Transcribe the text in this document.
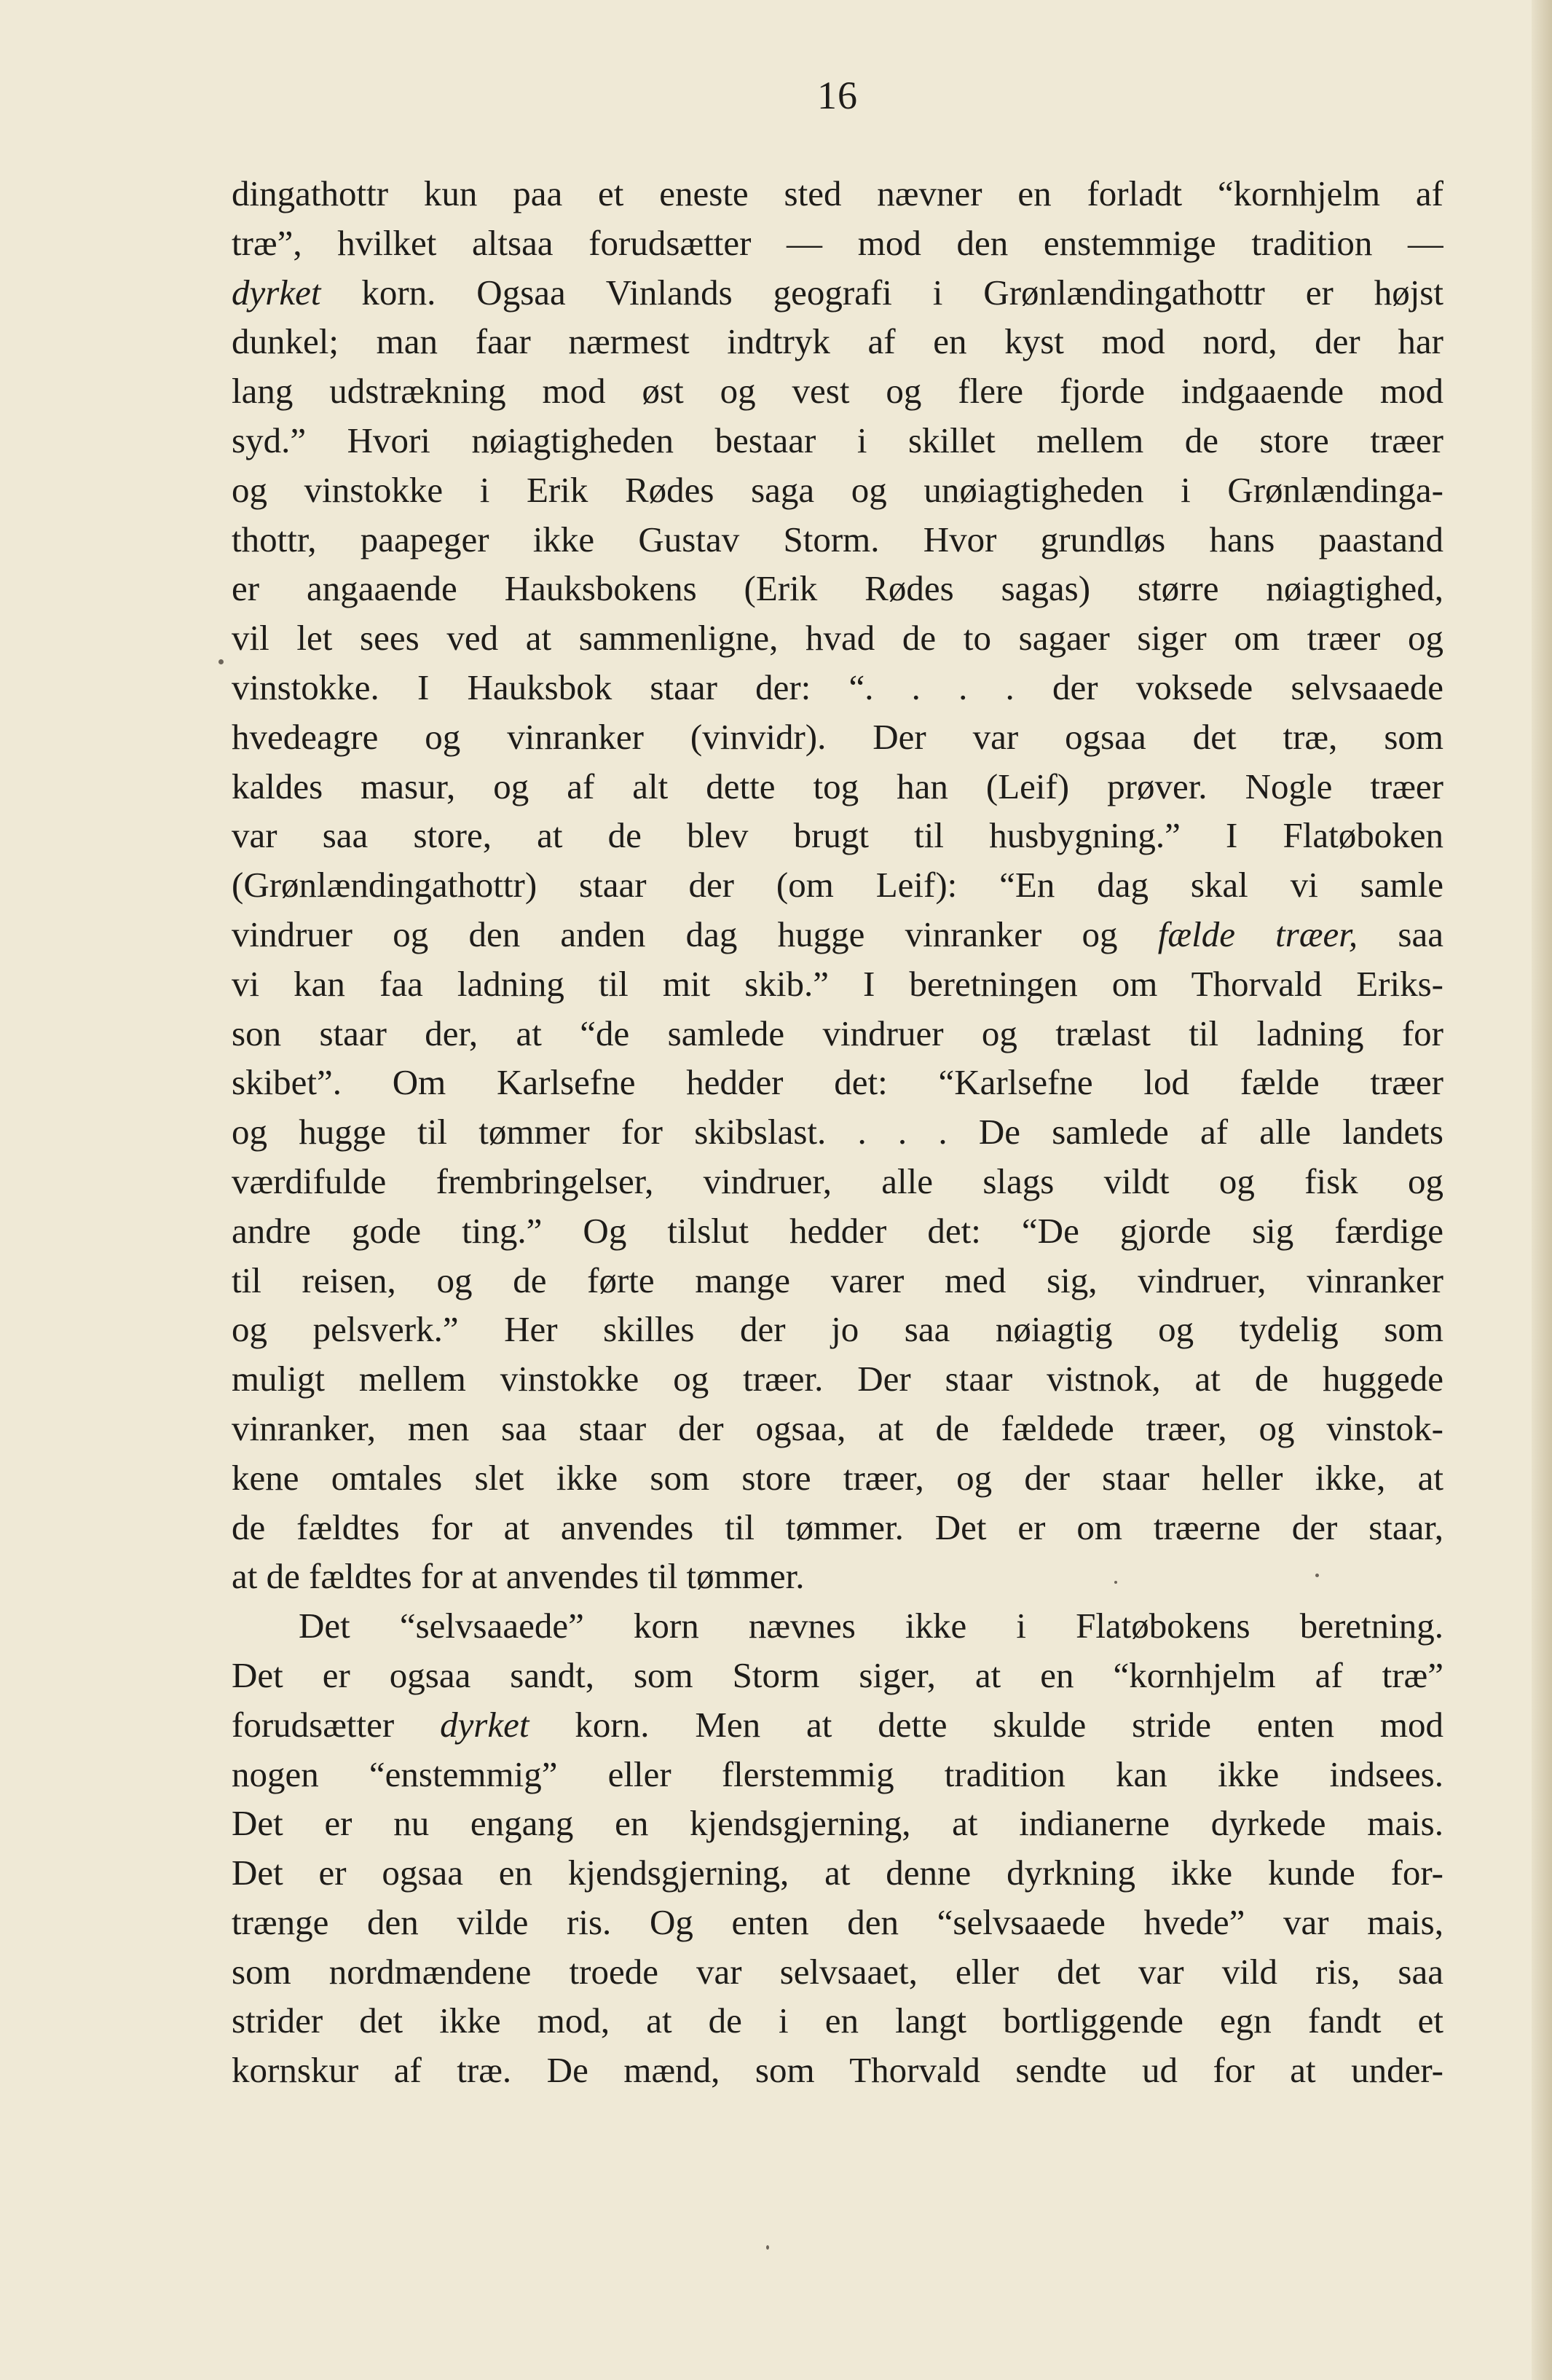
16
dingathottr kun paa et eneste sted nævner en forladt “kornhjelm af
træ”, hvilket altsaa forudsætter — mod den enstemmige tradition —
dyrket korn. Ogsaa Vinlands geografi i Grønlændingathottr er højst
dunkel; man faar nærmest indtryk af en kyst mod nord, der har
lang udstrækning mod øst og vest og flere fjorde indgaaende mod
syd.” Hvori nøiagtigheden bestaar i skillet mellem de store træer
og vinstokke i Erik Rødes saga og unøiagtigheden i Grønlændinga-
thottr, paapeger ikke Gustav Storm. Hvor grundløs hans paastand
er angaaende Hauksbokens (Erik Rødes sagas) større nøiagtighed,
vil let sees ved at sammenligne, hvad de to sagaer siger om træer og
vinstokke. I Hauksbok staar der: “. . . . der voksede selvsaaede
hvedeagre og vinranker (vinvidr). Der var ogsaa det træ, som
kaldes masur, og af alt dette tog han (Leif) prøver. Nogle træer
var saa store, at de blev brugt til husbygning.” I Flatøboken
(Grønlændingathottr) staar der (om Leif): “En dag skal vi samle
vindruer og den anden dag hugge vinranker og fælde træer, saa
vi kan faa ladning til mit skib.” I beretningen om Thorvald Eriks-
son staar der, at “de samlede vindruer og trælast til ladning for
skibet”. Om Karlsefne hedder det: “Karlsefne lod fælde træer
og hugge til tømmer for skibslast. . . . De samlede af alle landets
værdifulde frembringelser, vindruer, alle slags vildt og fisk og
andre gode ting.” Og tilslut hedder det: “De gjorde sig færdige
til reisen, og de førte mange varer med sig, vindruer, vinranker
og pelsverk.” Her skilles der jo saa nøiagtig og tydelig som
muligt mellem vinstokke og træer. Der staar vistnok, at de huggede
vinranker, men saa staar der ogsaa, at de fældede træer, og vinstok-
kene omtales slet ikke som store træer, og der staar heller ikke, at
de fældtes for at anvendes til tømmer. Det er om træerne der staar,
at de fældtes for at anvendes til tømmer.
Det “selvsaaede” korn nævnes ikke i Flatøbokens beretning.
Det er ogsaa sandt, som Storm siger, at en “kornhjelm af træ”
forudsætter dyrket korn. Men at dette skulde stride enten mod
nogen “enstemmig” eller flerstemmig tradition kan ikke indsees.
Det er nu engang en kjendsgjerning, at indianerne dyrkede mais.
Det er ogsaa en kjendsgjerning, at denne dyrkning ikke kunde for-
trænge den vilde ris. Og enten den “selvsaaede hvede” var mais,
som nordmændene troede var selvsaaet, eller det var vild ris, saa
strider det ikke mod, at de i en langt bortliggende egn fandt et
kornskur af træ. De mænd, som Thorvald sendte ud for at under-
